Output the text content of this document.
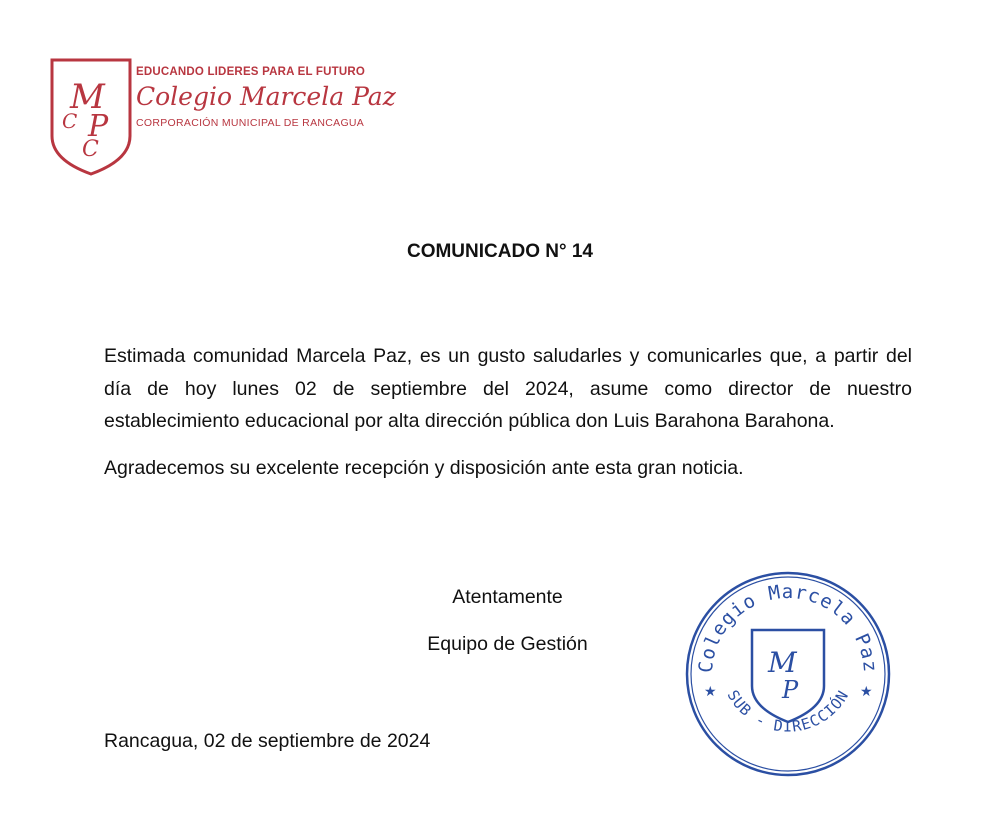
M
P
C
C
EDUCANDO LIDERES PARA EL FUTURO
Colegio Marcela Paz
CORPORACIÓN MUNICIPAL DE RANCAGUA
COMUNICADO N° 14

Estimada comunidad Marcela Paz, es un gusto saludarles y comunicarles que, a partir del día de hoy lunes 02 de septiembre del 2024, asume como director de nuestro establecimiento educacional por alta dirección pública don Luis Barahona Barahona.

Agradecemos su excelente recepción y disposición ante esta gran noticia.

Atentamente
Equipo de Gestión
Rancagua, 02 de septiembre de 2024
Colegio Marcela Paz
SUB - DIRECCIÓN
★	★
M
P
